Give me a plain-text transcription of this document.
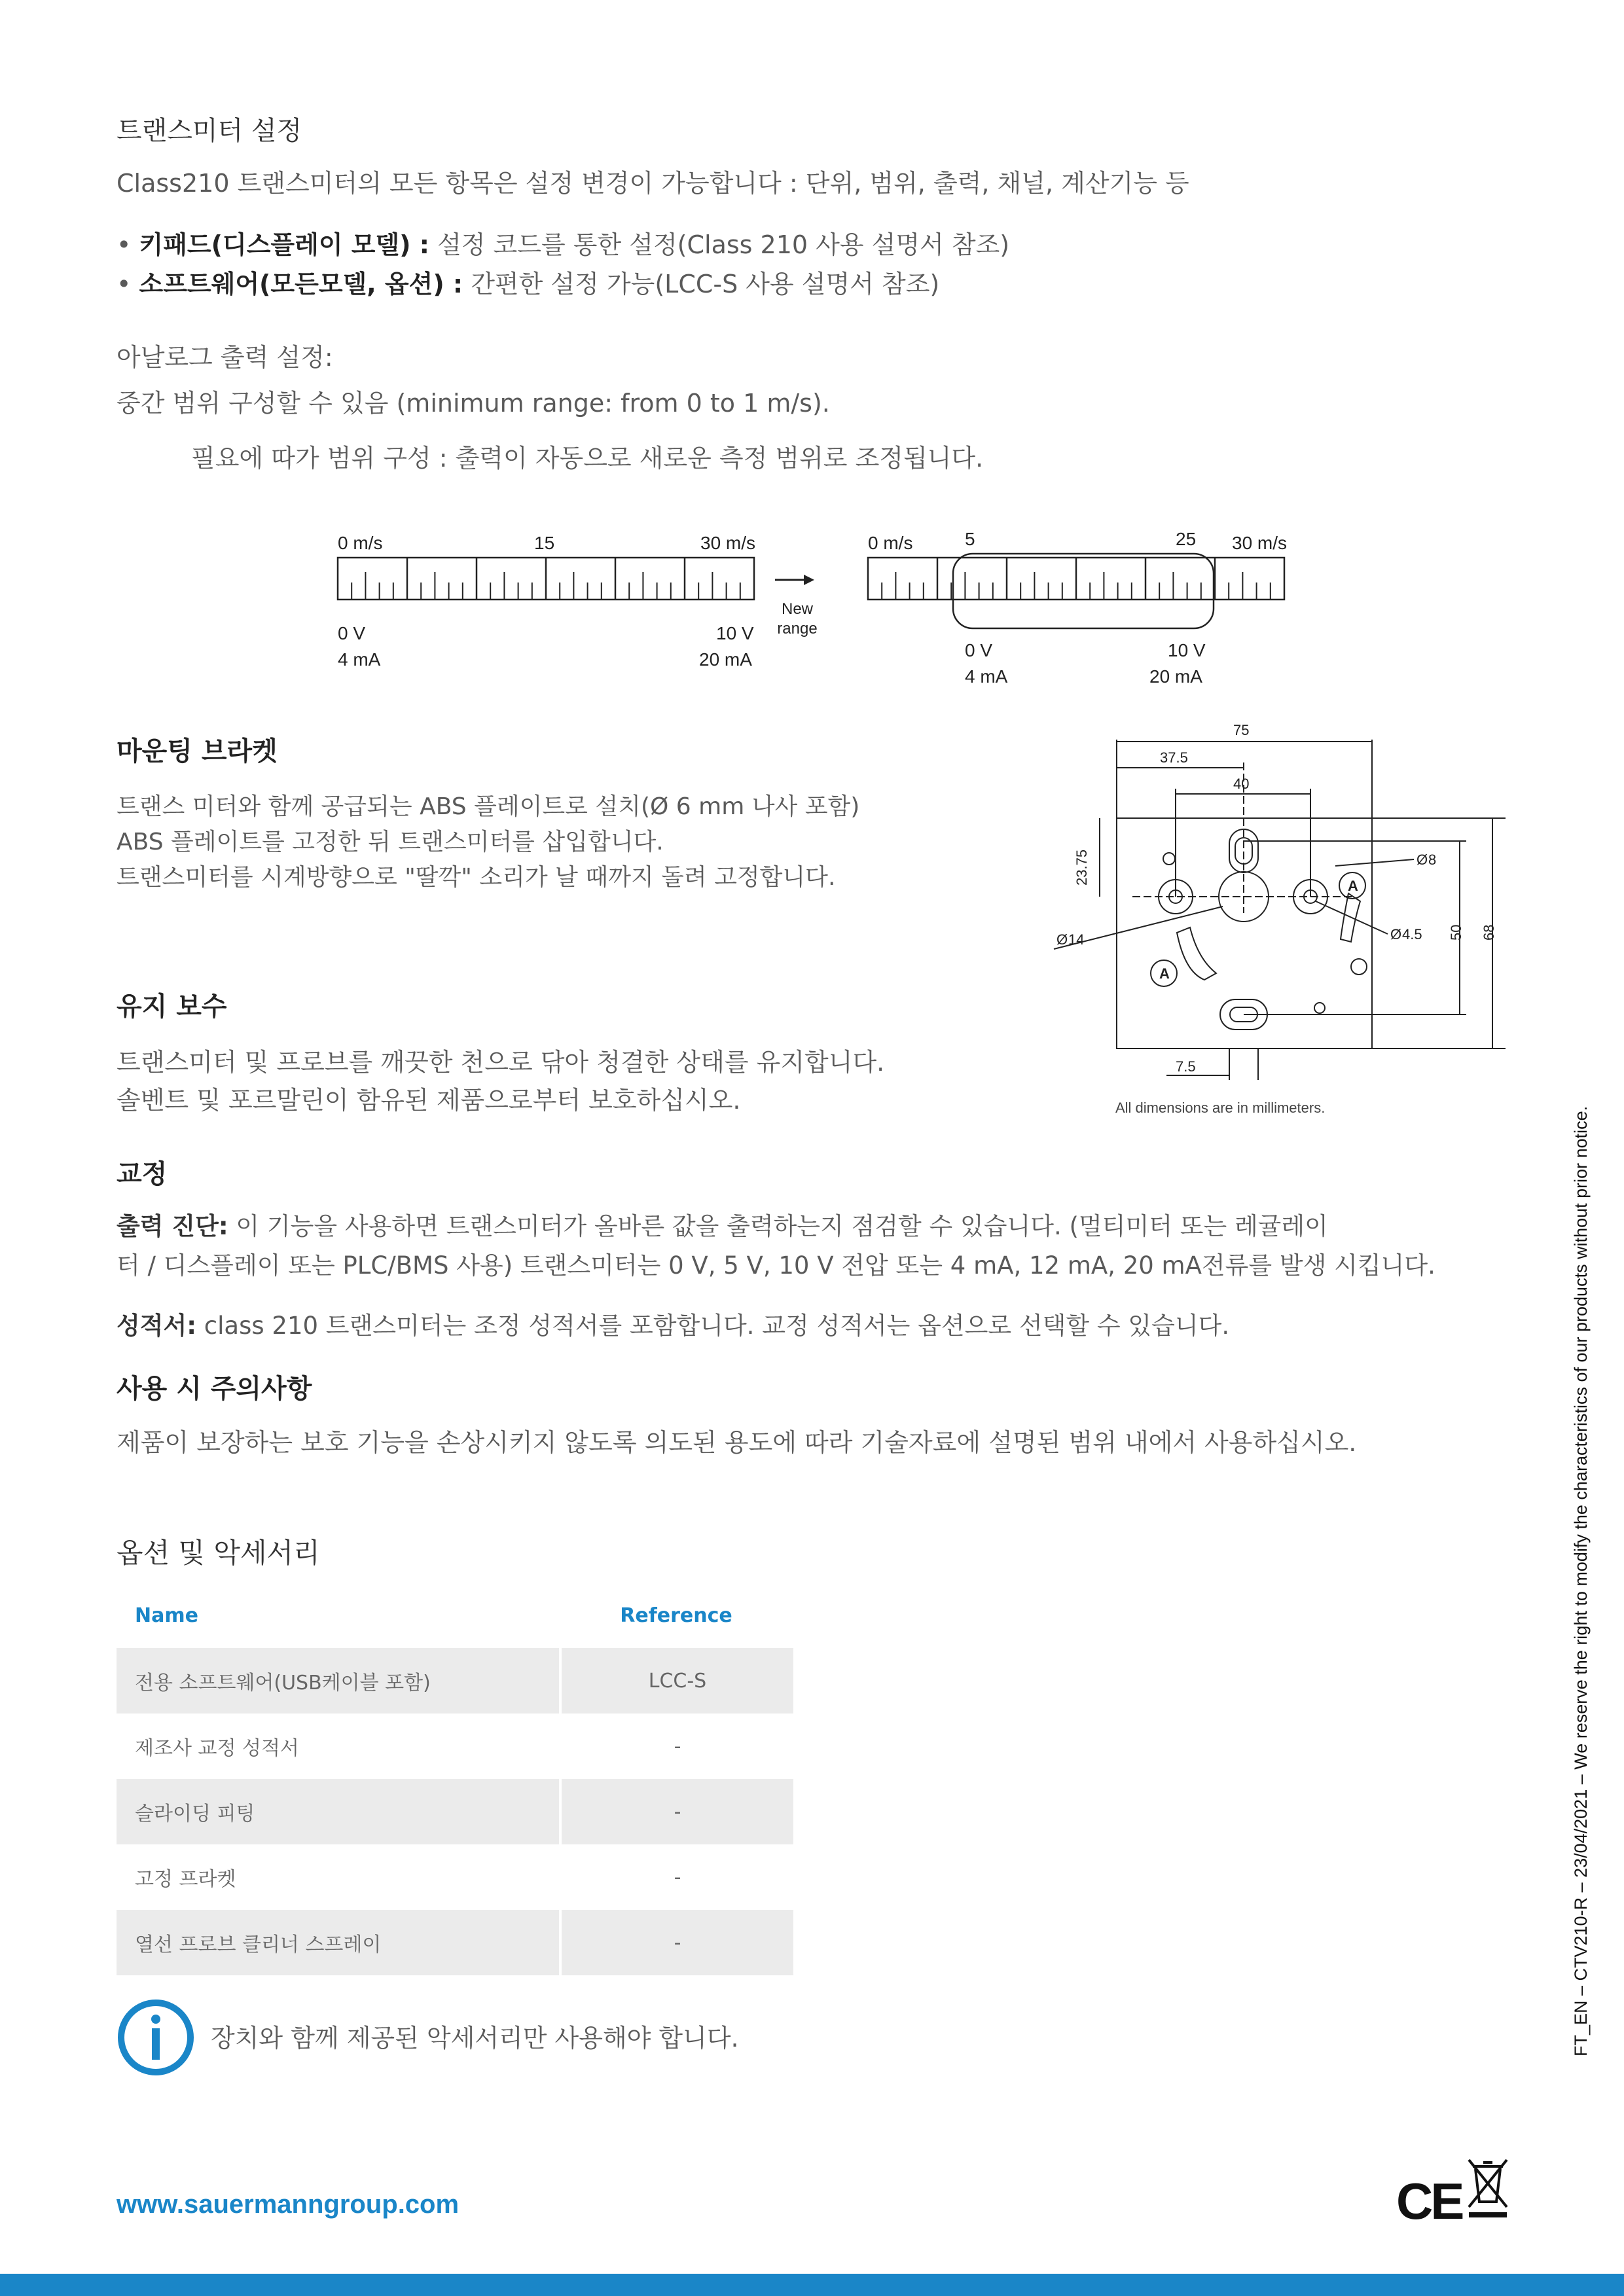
트랜스미터 설정
Class210 트랜스미터의 모든 항목은 설정 변경이 가능합니다 : 단위, 범위, 출력, 채널, 계산기능 등
• 키패드(디스플레이 모델) : 설정 코드를 통한 설정(Class 210 사용 설명서 참조)
• 소프트웨어(모든모델, 옵션) : 간편한 설정 가능(LCC-S 사용 설명서 참조)
아날로그 출력 설정:
중간 범위 구성할 수 있음 (minimum range: from 0 to 1 m/s).
필요에 따가 범위 구성 : 출력이 자동으로 새로운 측정 범위로 조정됩니다.
0 m/s	15	30 m/s
0 V
4 mA
10 V
20 mA
New
range
0 m/s	5	25 30 m/s
0 V
4 mA
10 V
20 mA
마운팅 브라켓
트랜스 미터와 함께 공급되는 ABS 플레이트로 설치(Ø 6 mm 나사 포함)
ABS 플레이트를 고정한 뒤 트랜스미터를 삽입합니다.
트랜스미터를 시계방향으로 "딸깍" 소리가 날 때까지 돌려 고정합니다.
75
37.5
40
23.75	Ø 8
Ø 4.5
Ø 14	50 68
7.5
A
A
All dimensions are in millimeters.
유지 보수
트랜스미터 및 프로브를 깨끗한 천으로 닦아 청결한 상태를 유지합니다.
솔벤트 및 포르말린이 함유된 제품으로부터 보호하십시오.
교정
출력 진단: 이 기능을 사용하면 트랜스미터가 올바른 값을 출력하는지 점검할 수 있습니다. (멀티미터 또는 레귤레이
터 / 디스플레이 또는 PLC/BMS 사용) 트랜스미터는 0 V, 5 V, 10 V 전압 또는 4 mA, 12 mA, 20 mA전류를 발생 시킵니다.
성적서: class 210 트랜스미터는 조정 성적서를 포함합니다. 교정 성적서는 옵션으로 선택할 수 있습니다.
사용 시 주의사항
제품이 보장하는 보호 기능을 손상시키지 않도록 의도된 용도에 따라 기술자료에 설명된 범위 내에서 사용하십시오.
옵션 및 악세서리
Name	Reference
전용 소프트웨어(USB케이블 포함)	LCC-S
제조사 교정 성적서	-
슬라이딩 피팅	-
고정 프라켓	-
열선 프로브 클리너 스프레이	-
장치와 함께 제공된 악세서리만 사용해야 합니다.
www.sauermanngroup.com	CE
FT_EN – CTV210-R – 23/04/2021 – We reserve the right to modify the characteristics of our products without prior notice.
